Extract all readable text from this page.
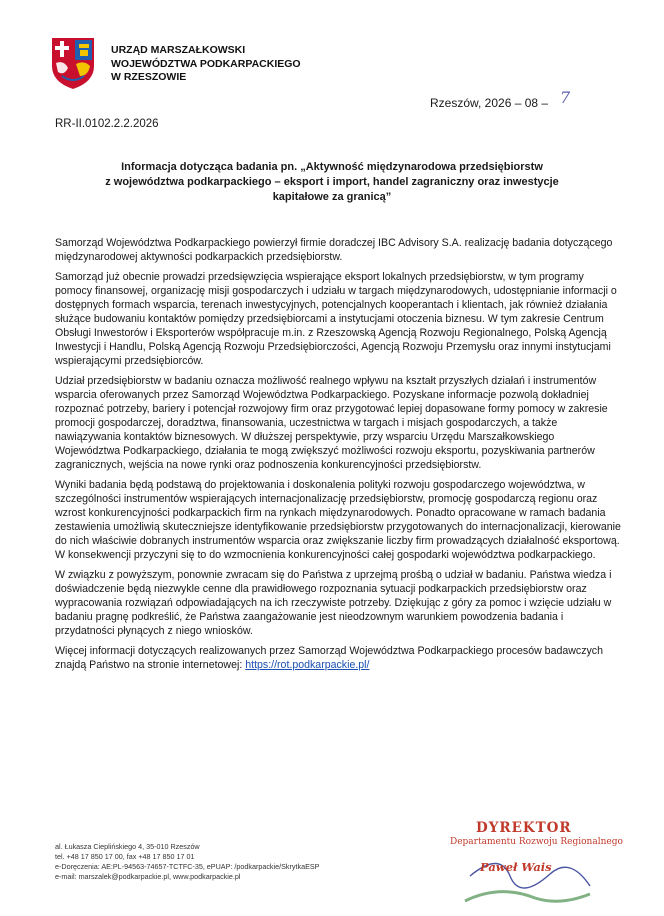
URZĄD MARSZAŁKOWSKI
WOJEWÓDZTWA PODKARPACKIEGO
W RZESZOWIE
Rzeszów, 2026 – 08 – 7
RR-II.0102.2.2.2026
Informacja dotycząca badania pn. „Aktywność międzynarodowa przedsiębiorstw
z województwa podkarpackiego – eksport i import, handel zagraniczny oraz inwestycje
kapitałowe za granicą”

Samorząd Województwa Podkarpackiego powierzył firmie doradczej IBC Advisory S.A. realizację badania dotyczącego międzynarodowej aktywności podkarpackich przedsiębiorstw.

Samorząd już obecnie prowadzi przedsięwzięcia wspierające eksport lokalnych przedsiębiorstw, w tym programy pomocy finansowej, organizację misji gospodarczych i udziału w targach międzynarodowych, udostępnianie informacji o dostępnych formach wsparcia, terenach inwestycyjnych, potencjalnych kooperantach i klientach, jak również działania służące budowaniu kontaktów pomiędzy przedsiębiorcami a instytucjami otoczenia biznesu. W tym zakresie Centrum Obsługi Inwestorów i Eksporterów współpracuje m.in. z Rzeszowską Agencją Rozwoju Regionalnego, Polską Agencją Inwestycji i Handlu, Polską Agencją Rozwoju Przedsiębiorczości, Agencją Rozwoju Przemysłu oraz innymi instytucjami wspierającymi przedsiębiorców.

Udział przedsiębiorstw w badaniu oznacza możliwość realnego wpływu na kształt przyszłych działań i instrumentów wsparcia oferowanych przez Samorząd Województwa Podkarpackiego. Pozyskane informacje pozwolą dokładniej rozpoznać potrzeby, bariery i potencjał rozwojowy firm oraz przygotować lepiej dopasowane formy pomocy w zakresie promocji gospodarczej, doradztwa, finansowania, uczestnictwa w targach i misjach gospodarczych, a także nawiązywania kontaktów biznesowych. W dłuższej perspektywie, przy wsparciu Urzędu Marszałkowskiego Województwa Podkarpackiego, działania te mogą zwiększyć możliwości rozwoju eksportu, pozyskiwania partnerów zagranicznych, wejścia na nowe rynki oraz podnoszenia konkurencyjności przedsiębiorstw.

Wyniki badania będą podstawą do projektowania i doskonalenia polityki rozwoju gospodarczego województwa, w szczególności instrumentów wspierających internacjonalizację przedsiębiorstw, promocję gospodarczą regionu oraz wzrost konkurencyjności podkarpackich firm na rynkach międzynarodowych. Ponadto opracowane w ramach badania zestawienia umożliwią skuteczniejsze identyfikowanie przedsiębiorstw przygotowanych do internacjonalizacji, kierowanie do nich właściwie dobranych instrumentów wsparcia oraz zwiększanie liczby firm prowadzących działalność eksportową. W konsekwencji przyczyni się to do wzmocnienia konkurencyjności całej gospodarki województwa podkarpackiego.

W związku z powyższym, ponownie zwracam się do Państwa z uprzejmą prośbą o udział w badaniu. Państwa wiedza i doświadczenie będą niezwykle cenne dla prawidłowego rozpoznania sytuacji podkarpackich przedsiębiorstw oraz wypracowania rozwiązań odpowiadających na ich rzeczywiste potrzeby. Dziękując z góry za pomoc i wzięcie udziału w badaniu pragnę podkreślić, że Państwa zaangażowanie jest nieodzownym warunkiem powodzenia badania i przydatności płynących z niego wniosków.

Więcej informacji dotyczących realizowanych przez Samorząd Województwa Podkarpackiego procesów badawczych znajdą Państwo na stronie internetowej: https://rot.podkarpackie.pl/

al. Łukasza Cieplińskiego 4, 35-010 Rzeszów
tel. +48 17 850 17 00, fax +48 17 850 17 01
e-Doręczenia: AE:PL-94563-74657-TCTFC-35, ePUAP: /podkarpackie/SkrytkaESP
e-mail: marszalek@podkarpackie.pl, www.podkarpackie.pl
DYREKTOR
Departamentu Rozwoju Regionalnego
Paweł Wais
